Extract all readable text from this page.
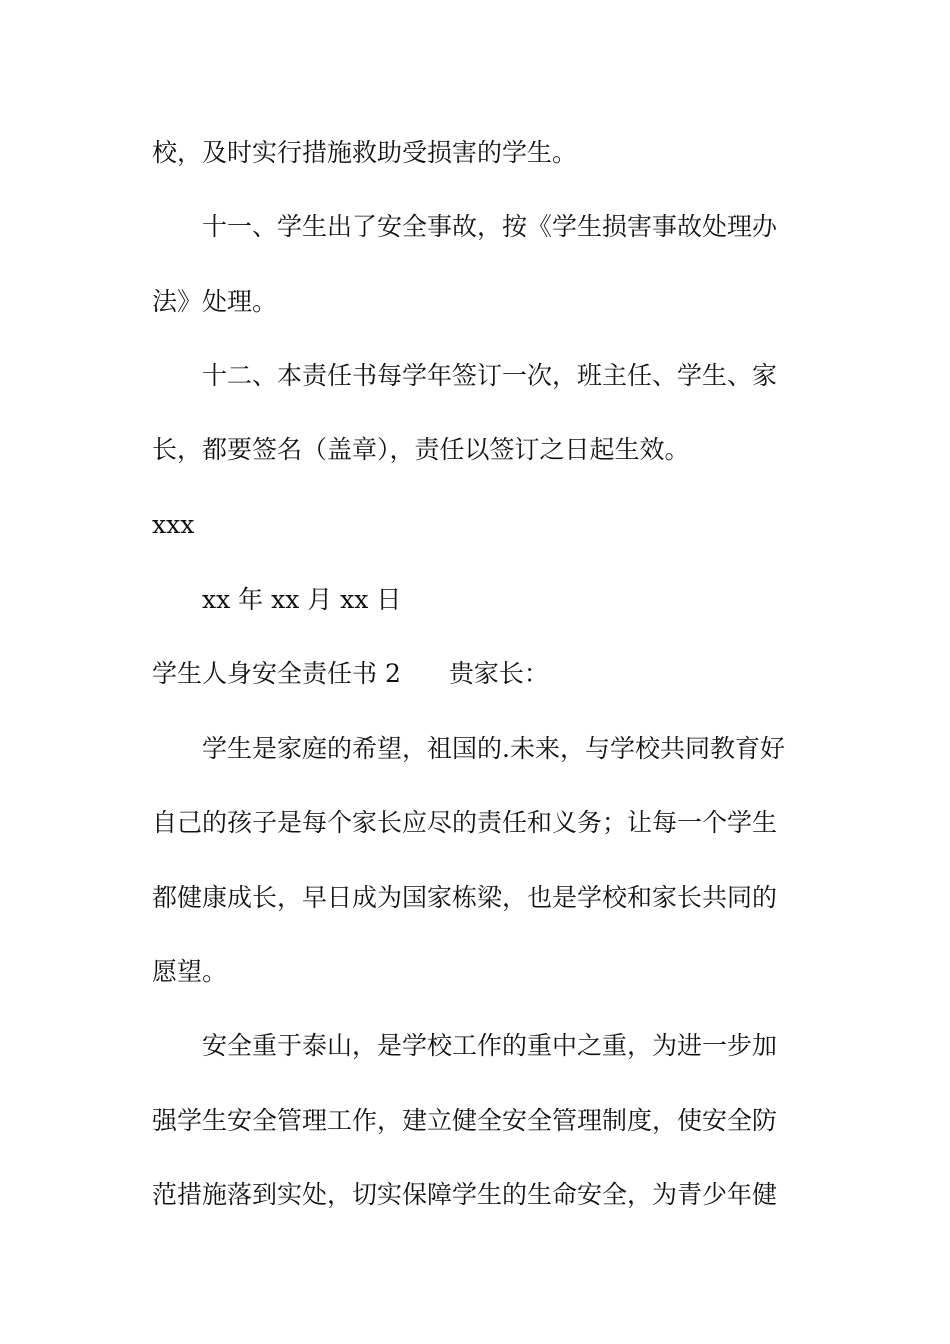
校，及时实行措施救助受损害的学生。
十一、学生出了安全事故，按《学生损害事故处理办
法》处理。
十二、本责任书每学年签订一次，班主任、学生、家
长，都要签名（盖章），责任以签订之日起生效。
xxx
xx 年 xx 月 xx 日
学生人身安全责任书 2 贵家长：
学生是家庭的希望，祖国的.未来，与学校共同教育好
自己的孩子是每个家长应尽的责任和义务；让每一个学生
都健康成长，早日成为国家栋梁，也是学校和家长共同的
愿望。
安全重于泰山，是学校工作的重中之重，为进一步加
强学生安全管理工作，建立健全安全管理制度，使安全防
范措施落到实处，切实保障学生的生命安全，为青少年健
